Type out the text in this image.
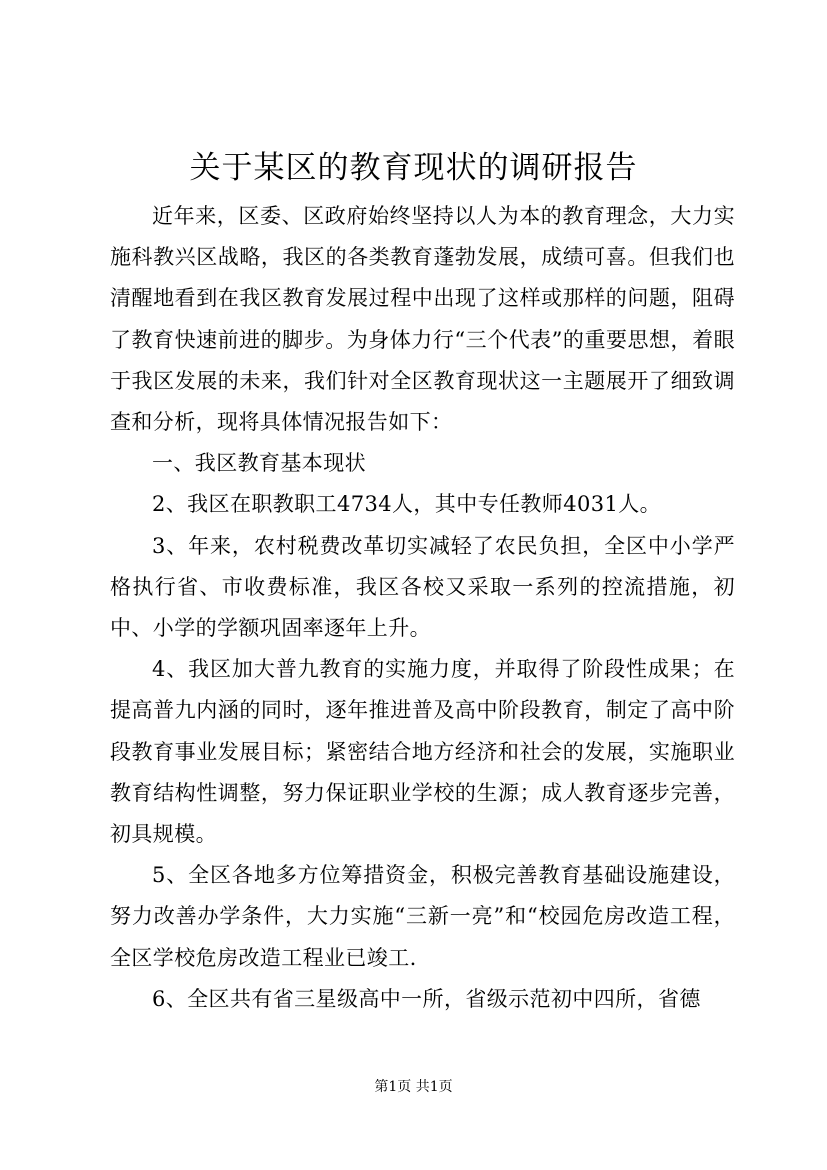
关于某区的教育现状的调研报告

近年来，区委、区政府始终坚持以人为本的教育理念，大力实施科教兴区战略，我区的各类教育蓬勃发展，成绩可喜。但我们也清醒地看到在我区教育发展过程中出现了这样或那样的问题，阻碍了教育快速前进的脚步。为身体力行“三个代表”的重要思想，着眼于我区发展的未来，我们针对全区教育现状这一主题展开了细致调查和分析，现将具体情况报告如下：

一、我区教育基本现状

2、我区在职教职工4734人，其中专任教师4031人。

3、年来，农村税费改革切实减轻了农民负担，全区中小学严格执行省、市收费标准，我区各校又采取一系列的控流措施，初中、小学的学额巩固率逐年上升。

4、我区加大普九教育的实施力度，并取得了阶段性成果；在提高普九内涵的同时，逐年推进普及高中阶段教育，制定了高中阶段教育事业发展目标；紧密结合地方经济和社会的发展，实施职业教育结构性调整，努力保证职业学校的生源；成人教育逐步完善，初具规模。

5、全区各地多方位筹措资金，积极完善教育基础设施建设，努力改善办学条件，大力实施“三新一亮”和“校园危房改造工程，全区学校危房改造工程业已竣工.

6、全区共有省三星级高中一所，省级示范初中四所，省德

第1页 共1页
